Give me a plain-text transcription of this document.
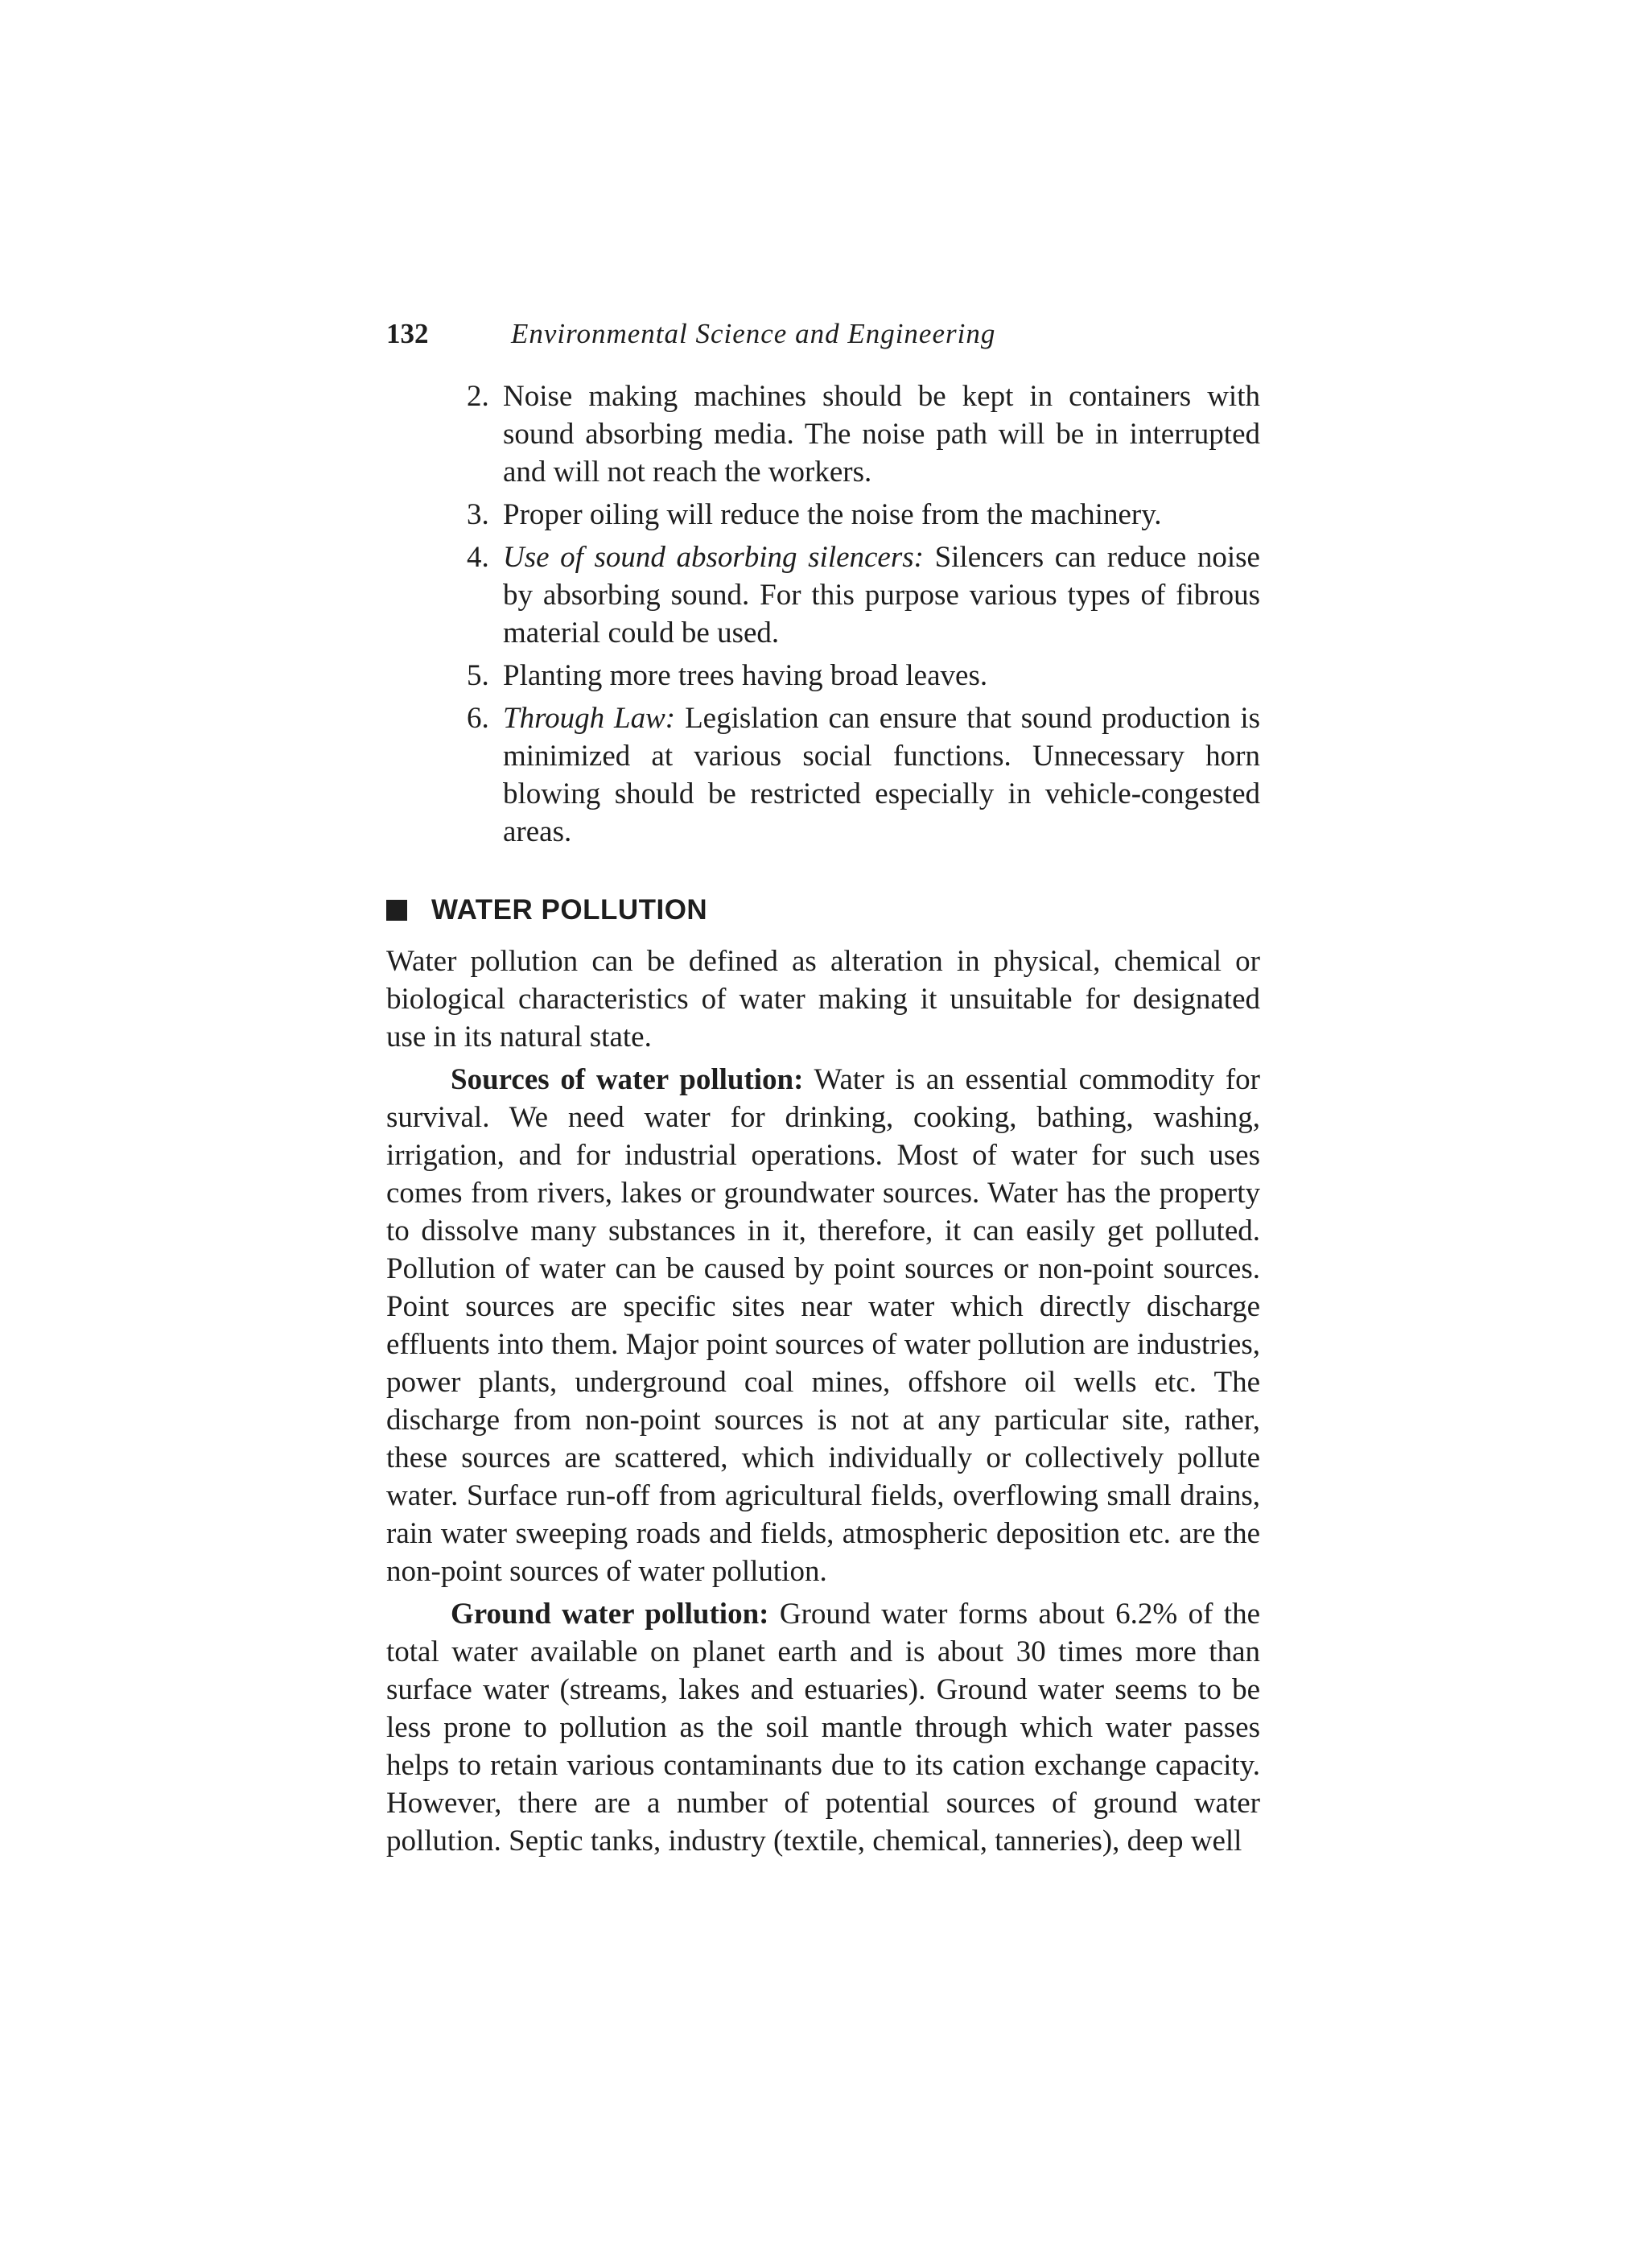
132	Environmental Science and Engineering
2. Noise making machines should be kept in containers with sound absorbing media. The noise path will be in interrupted and will not reach the workers.
3. Proper oiling will reduce the noise from the machinery.
4. Use of sound absorbing silencers: Silencers can reduce noise by absorbing sound. For this purpose various types of fibrous material could be used.
5. Planting more trees having broad leaves.
6. Through Law: Legislation can ensure that sound production is minimized at various social functions. Unnecessary horn blowing should be restricted especially in vehicle-congested areas.
WATER POLLUTION

Water pollution can be defined as alteration in physical, chemical or biological characteristics of water making it unsuitable for designated use in its natural state.

Sources of water pollution: Water is an essential commodity for survival. We need water for drinking, cooking, bathing, washing, irrigation, and for industrial operations. Most of water for such uses comes from rivers, lakes or groundwater sources. Water has the property to dissolve many substances in it, therefore, it can easily get polluted. Pollution of water can be caused by point sources or non-point sources. Point sources are specific sites near water which directly discharge effluents into them. Major point sources of water pollution are industries, power plants, underground coal mines, offshore oil wells etc. The discharge from non-point sources is not at any particular site, rather, these sources are scattered, which individually or collectively pollute water. Surface run-off from agricultural fields, overflowing small drains, rain water sweeping roads and fields, atmospheric deposition etc. are the non-point sources of water pollution.

Ground water pollution: Ground water forms about 6.2% of the total water available on planet earth and is about 30 times more than surface water (streams, lakes and estuaries). Ground water seems to be less prone to pollution as the soil mantle through which water passes helps to retain various contaminants due to its cation exchange capacity. However, there are a number of potential sources of ground water pollution. Septic tanks, industry (textile, chemical, tanneries), deep well
